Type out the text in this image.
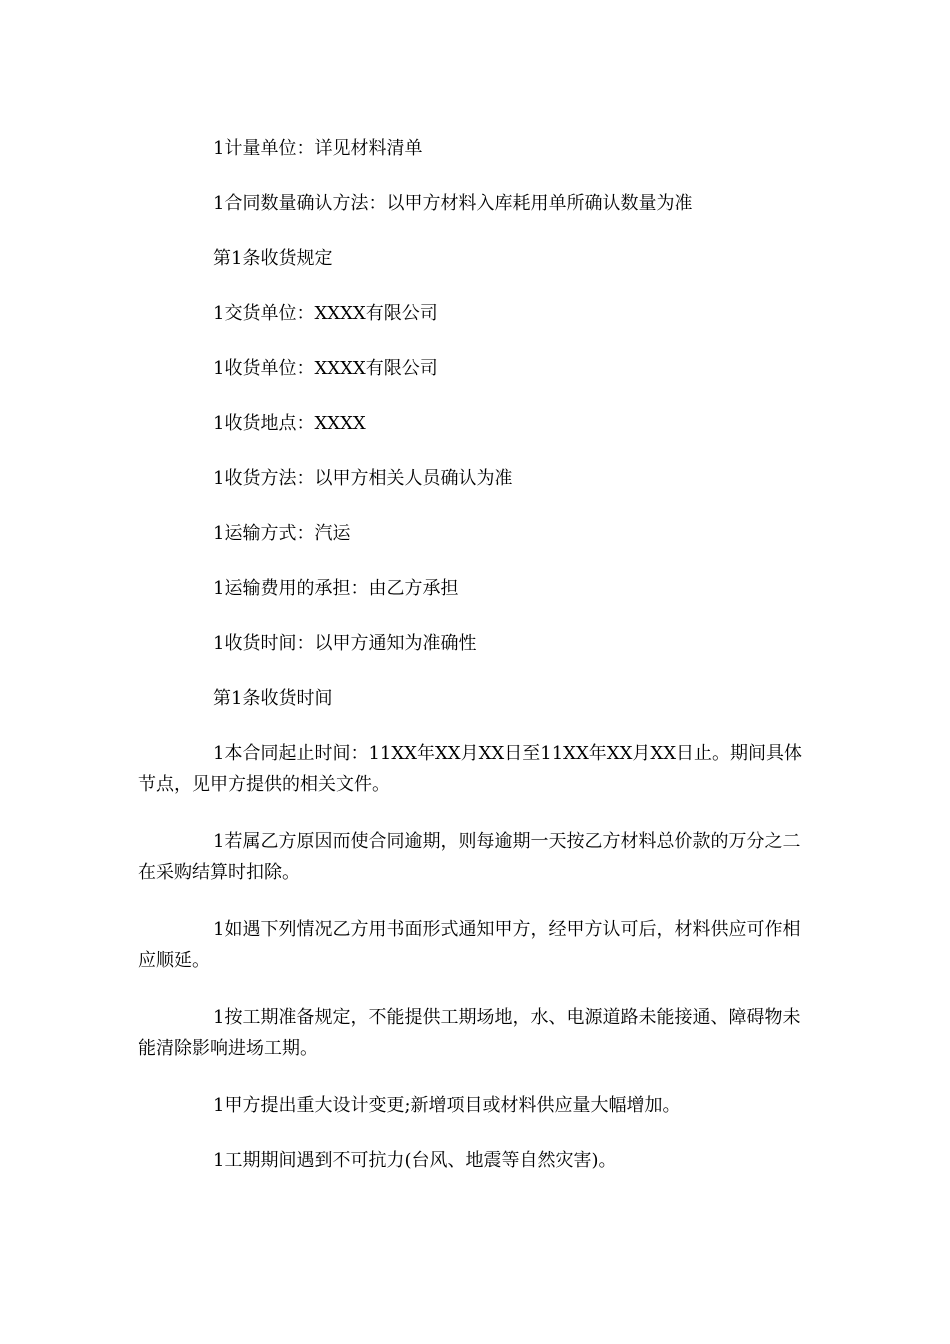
1计量单位：详见材料清单

1合同数量确认方法：以甲方材料入库耗用单所确认数量为准

第1条收货规定

1交货单位：XXXX有限公司

1收货单位：XXXX有限公司

1收货地点：XXXX

1收货方法：以甲方相关人员确认为准

1运输方式：汽运

1运输费用的承担：由乙方承担

1收货时间：以甲方通知为准确性

第1条收货时间

1本合同起止时间：11XX年XX月XX日至11XX年XX月XX日止。期间具体节点，见甲方提供的相关文件。

1若属乙方原因而使合同逾期，则每逾期一天按乙方材料总价款的万分之二在采购结算时扣除。

1如遇下列情况乙方用书面形式通知甲方，经甲方认可后，材料供应可作相应顺延。

1按工期准备规定，不能提供工期场地，水、电源道路未能接通、障碍物未能清除影响进场工期。

1甲方提出重大设计变更;新增项目或材料供应量大幅增加。

1工期期间遇到不可抗力(台风、地震等自然灾害)。
